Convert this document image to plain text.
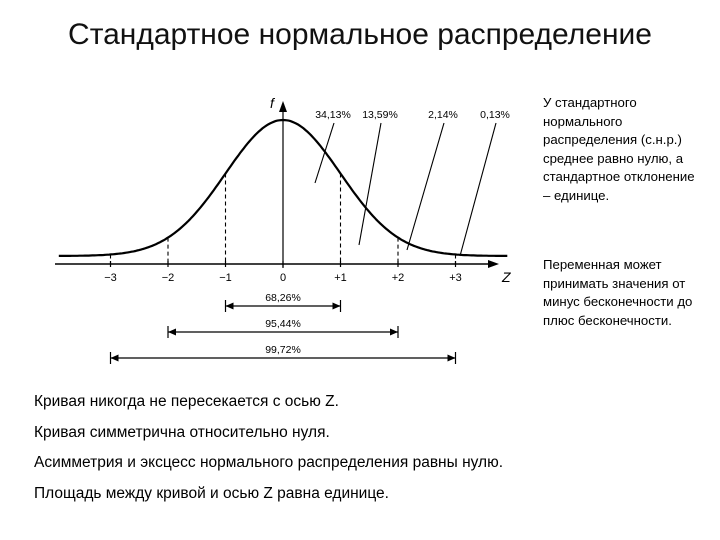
Стандартное нормальное распределение
f
Z
−3	−2	−1	0	+1	+2	+3
34,13% 13,59%	2,14% 0,13%
68,26%
95,44%
99,72%
У стандартного нормального распределения (с.н.р.) среднее равно нулю, а стандартное отклонение – единице.
Переменная может принимать значения от минус бесконечности до плюс бесконечности.
Кривая никогда не пересекается с осью Z.
Кривая симметрична относительно нуля.
Асимметрия и эксцесс нормального распределения равны нулю.
Площадь между кривой и осью Z равна единице.
